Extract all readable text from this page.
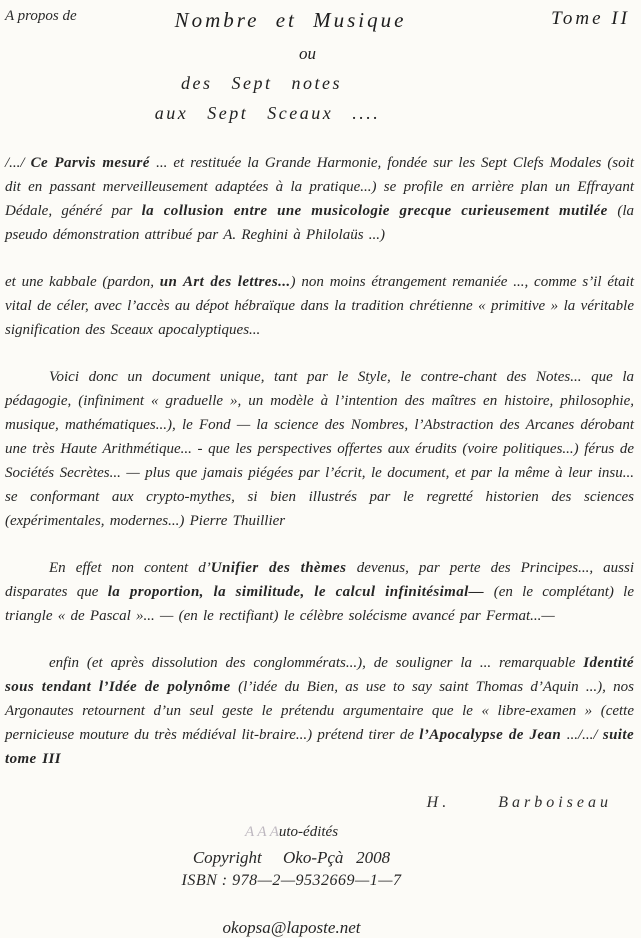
A propos de	Nombre et Musique	Tome II
ou
des Sept notes
aux Sept Sceaux ....

/.../ Ce Parvis mesuré ... et restituée la Grande Harmonie, fondée sur les Sept Clefs Modales (soit dit en passant merveilleusement adaptées à la pratique...) se profile en arrière plan un Effrayant Dédale, généré par la collusion entre une musicologie grecque curieusement mutilée (la pseudo démonstration attribué par A. Reghini à Philolaüs ...)

et une kabbale (pardon, un Art des lettres...) non moins étrangement remaniée ..., comme s’il était vital de céler, avec l’accès au dépot hébraïque dans la tradition chrétienne « primitive » la véritable signification des Sceaux apocalyptiques...

Voici donc un document unique, tant par le Style, le contre-chant des Notes... que la pédagogie, (infiniment « graduelle », un modèle à l’intention des maîtres en histoire, philosophie, musique, mathématiques...), le Fond — la science des Nombres, l’Abstraction des Arcanes dérobant une très Haute Arithmétique... - que les perspectives offertes aux érudits (voire politiques...) férus de Sociétés Secrètes... — plus que jamais piégées par l’écrit, le document, et par la même à leur insu... se conformant aux crypto-mythes, si bien illustrés par le regretté historien des sciences (expérimentales, modernes...) Pierre Thuillier

En effet non content d’Unifier des thèmes devenus, par perte des Principes..., aussi disparates que la proportion, la similitude, le calcul infinitésimal— (en le complétant) le triangle « de Pascal »... — (en le rectifiant) le célèbre solécisme avancé par Fermat...—

enfin (et après dissolution des conglommérats...), de souligner la ... remarquable Identité sous tendant l’Idée de polynôme (l’idée du Bien, as use to say saint Thomas d’Aquin ...), nos Argonautes retournent d’un seul geste le prétendu argumentaire que le « libre-examen » (cette pernicieuse mouture du très médiéval lit-braire...) prétend tirer de l’Apocalypse de Jean .../.../ suite tome III

H.      Barboiseau
A A Auto-édités
Copyright     Oko-Pçà   2008
ISBN : 978—2—9532669—1—7
okopsa@laposte.net
